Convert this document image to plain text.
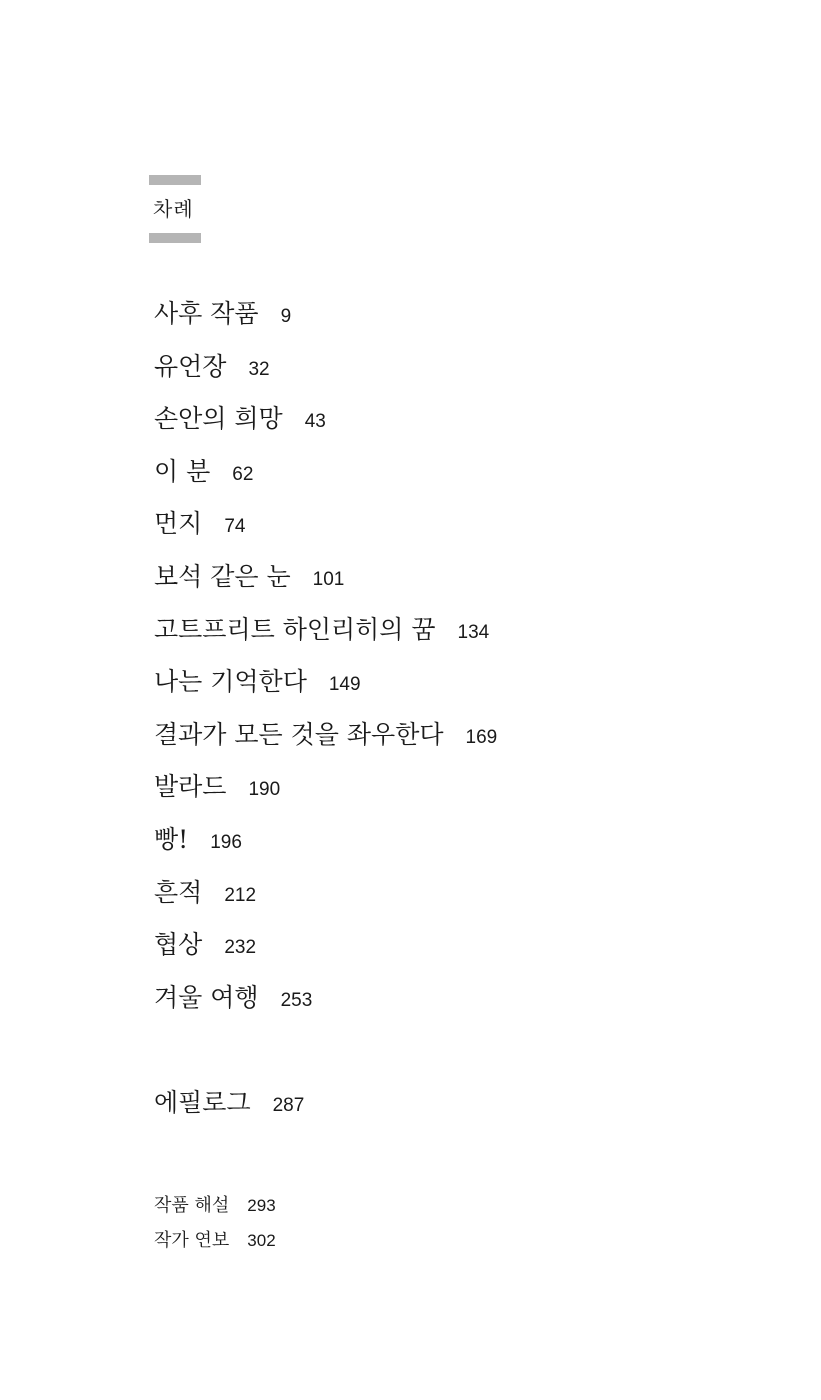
차례
사후 작품 9
유언장 32
손안의 희망 43
이 분 62
먼지 74
보석 같은 눈 101
고트프리트 하인리히의 꿈 134
나는 기억한다 149
결과가 모든 것을 좌우한다 169
발라드 190
빵! 196
흔적 212
협상 232
겨울 여행 253
에필로그 287
작품 해설 293
작가 연보 302
